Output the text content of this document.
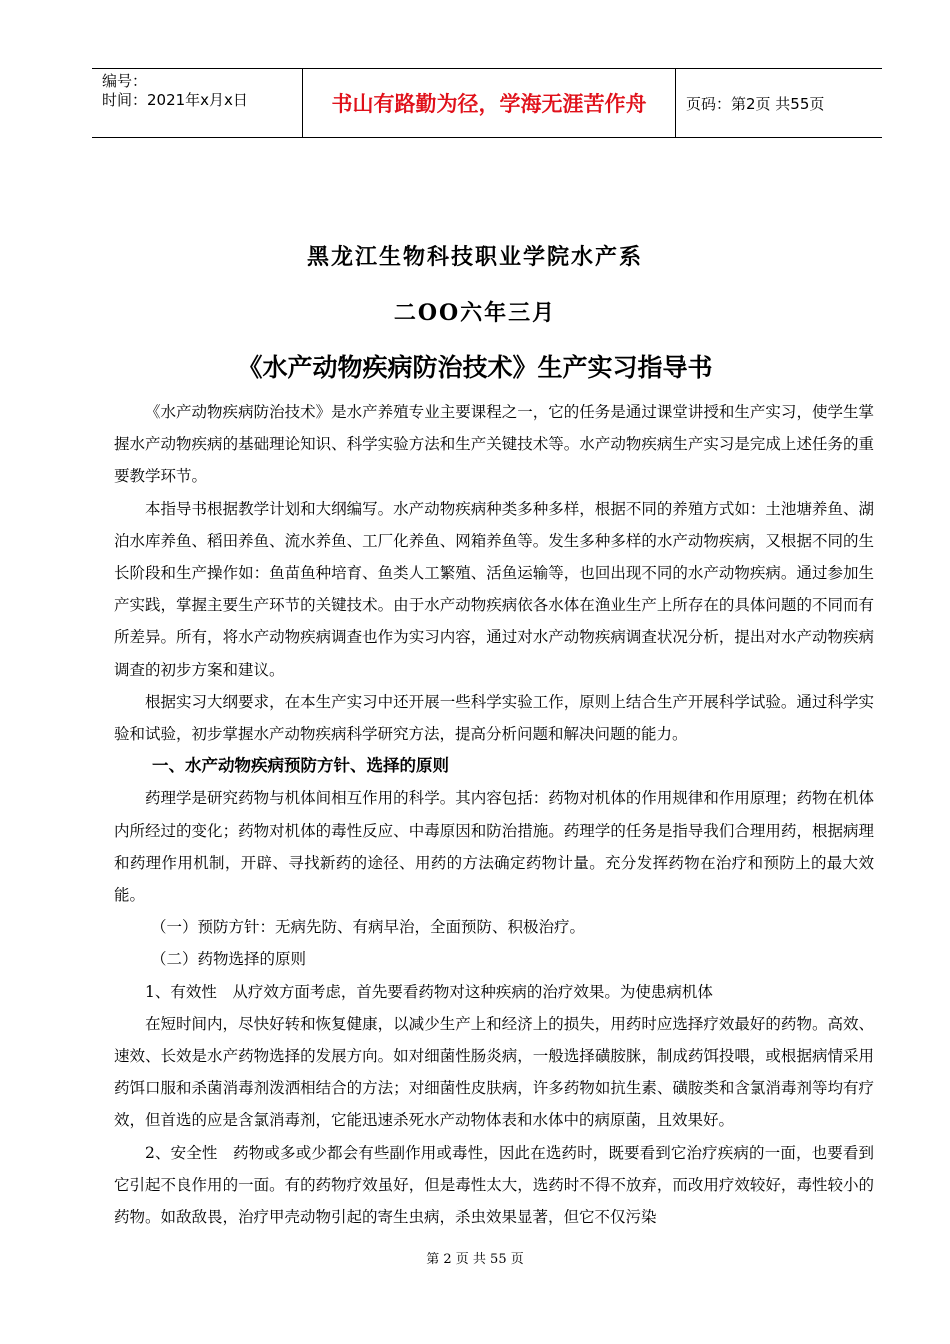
编号：
时间：2021年x月x日	书山有路勤为径，学海无涯苦作舟	页码：第2页 共55页
黑龙江生物科技职业学院水产系
二OO六年三月
《水产动物疾病防治技术》生产实习指导书

《水产动物疾病防治技术》是水产养殖专业主要课程之一，它的任务是通过课堂讲授和生产实习，使学生掌握水产动物疾病的基础理论知识、科学实验方法和生产关键技术等。水产动物疾病生产实习是完成上述任务的重要教学环节。

本指导书根据教学计划和大纲编写。水产动物疾病种类多种多样，根据不同的养殖方式如：土池塘养鱼、湖泊水库养鱼、稻田养鱼、流水养鱼、工厂化养鱼、网箱养鱼等。发生多种多样的水产动物疾病，又根据不同的生长阶段和生产操作如：鱼苗鱼种培育、鱼类人工繁殖、活鱼运输等，也回出现不同的水产动物疾病。通过参加生产实践，掌握主要生产环节的关键技术。由于水产动物疾病依各水体在渔业生产上所存在的具体问题的不同而有所差异。所有，将水产动物疾病调查也作为实习内容，通过对水产动物疾病调查状况分析，提出对水产动物疾病调查的初步方案和建议。

根据实习大纲要求，在本生产实习中还开展一些科学实验工作，原则上结合生产开展科学试验。通过科学实验和试验，初步掌握水产动物疾病科学研究方法，提高分析问题和解决问题的能力。

一、水产动物疾病预防方针、选择的原则

药理学是研究药物与机体间相互作用的科学。其内容包括：药物对机体的作用规律和作用原理；药物在机体内所经过的变化；药物对机体的毒性反应、中毒原因和防治措施。药理学的任务是指导我们合理用药，根据病理和药理作用机制，开辟、寻找新药的途径、用药的方法确定药物计量。充分发挥药物在治疗和预防上的最大效能。

（一）预防方针：无病先防、有病早治，全面预防、积极治疗。

（二）药物选择的原则

1、有效性　从疗效方面考虑，首先要看药物对这种疾病的治疗效果。为使患病机体

在短时间内，尽快好转和恢复健康，以减少生产上和经济上的损失，用药时应选择疗效最好的药物。高效、速效、长效是水产药物选择的发展方向。如对细菌性肠炎病，一般选择磺胺脒，制成药饵投喂，或根据病情采用药饵口服和杀菌消毒剂泼洒相结合的方法；对细菌性皮肤病，许多药物如抗生素、磺胺类和含氯消毒剂等均有疗效，但首选的应是含氯消毒剂，它能迅速杀死水产动物体表和水体中的病原菌，且效果好。

2、安全性　药物或多或少都会有些副作用或毒性，因此在选药时，既要看到它治疗疾病的一面，也要看到它引起不良作用的一面。有的药物疗效虽好，但是毒性太大，选药时不得不放弃，而改用疗效较好，毒性较小的药物。如敌敌畏，治疗甲壳动物引起的寄生虫病，杀虫效果显著，但它不仅污染

第 2 页 共 55 页
